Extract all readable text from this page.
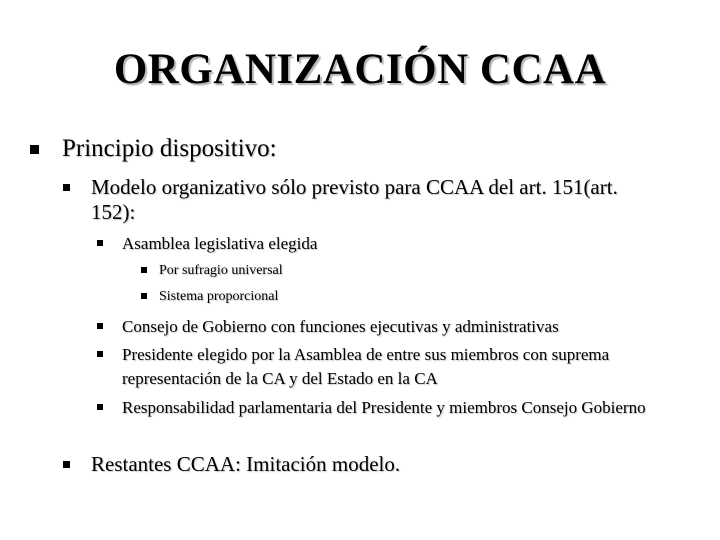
ORGANIZACIÓN CCAA
Principio dispositivo:
Modelo organizativo sólo previsto para CCAA del art. 151(art. 152):
Asamblea legislativa elegida
Por sufragio universal
Sistema proporcional
Consejo de Gobierno con funciones ejecutivas y administrativas
Presidente elegido por la Asamblea de entre sus miembros con suprema representación de la CA y del Estado en la CA
Responsabilidad parlamentaria del Presidente y miembros Consejo Gobierno
Restantes CCAA: Imitación modelo.
